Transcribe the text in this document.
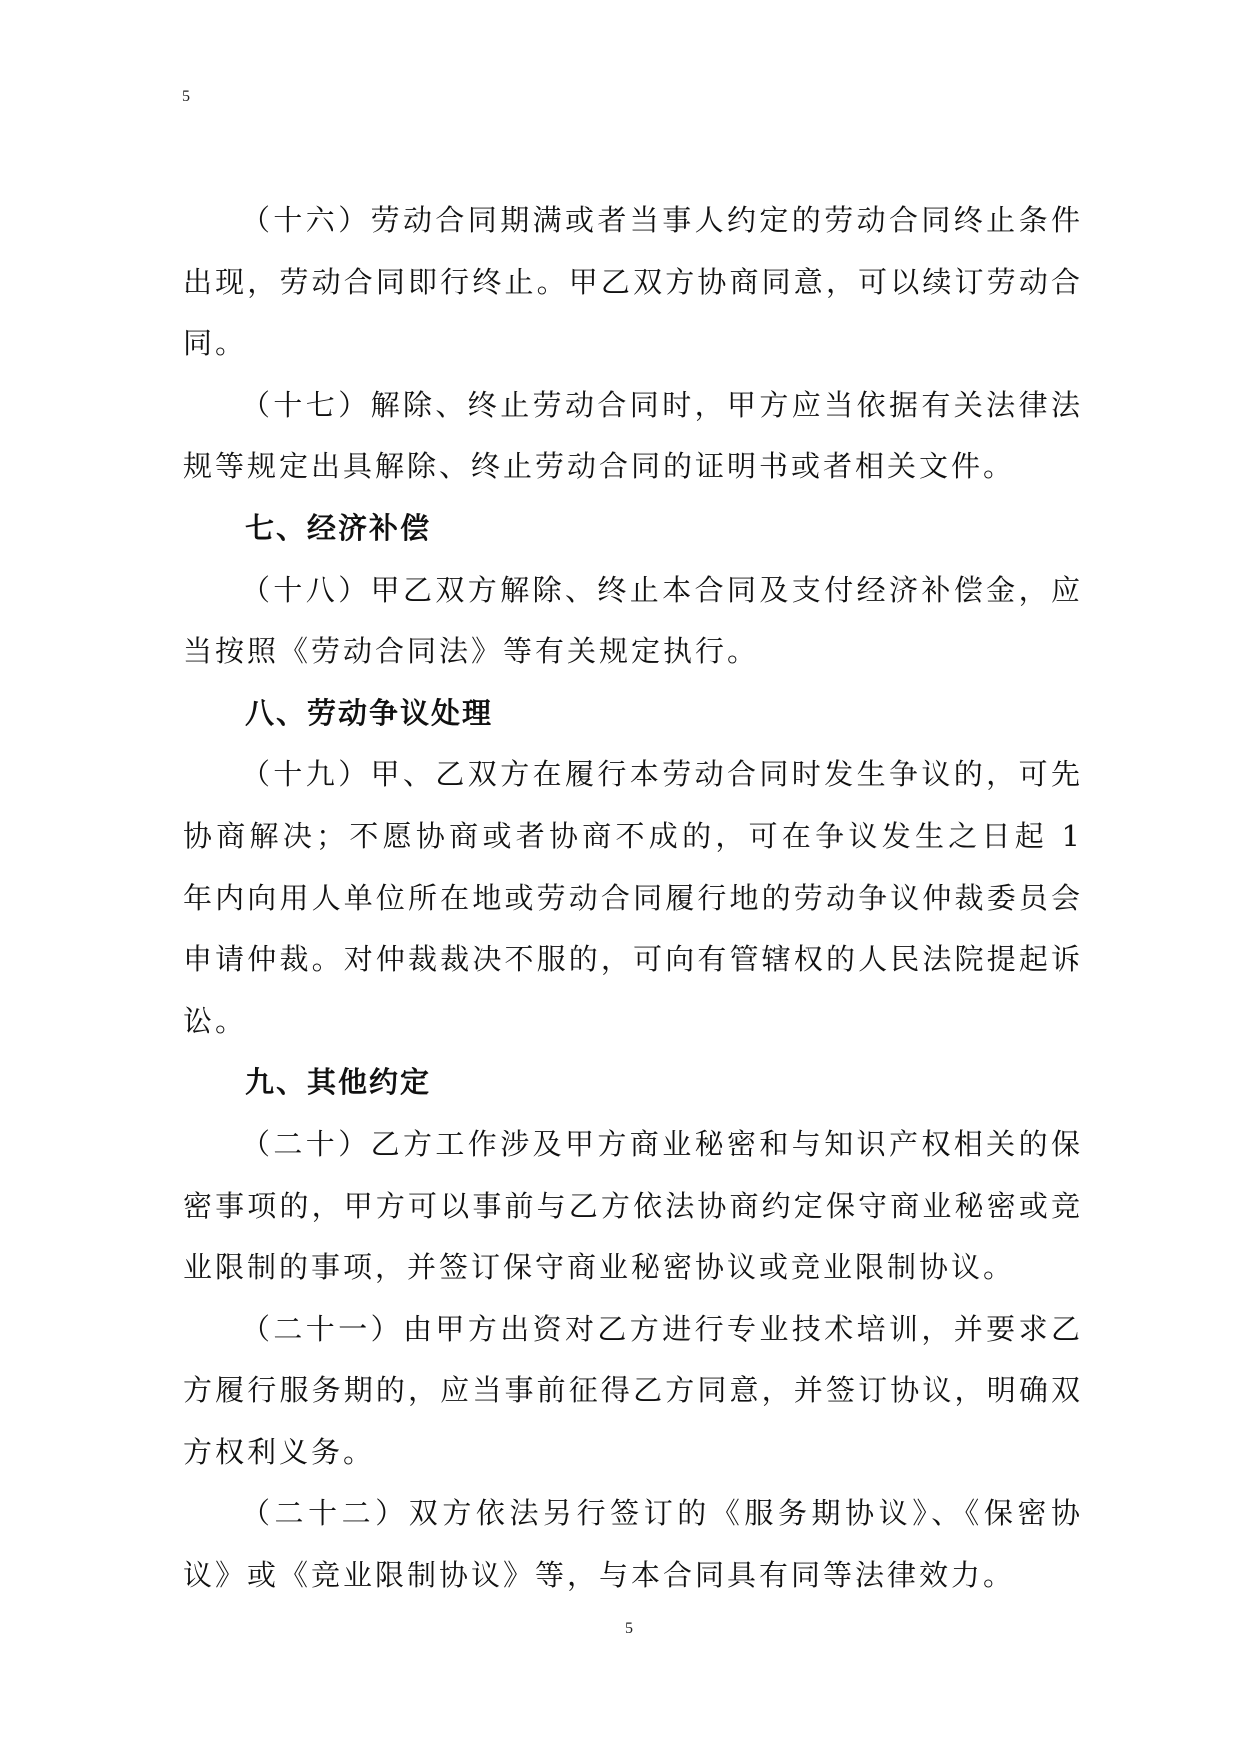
5

（十六）劳动合同期满或者当事人约定的劳动合同终止条件出现，劳动合同即行终止。甲乙双方协商同意，可以续订劳动合同。

（十七）解除、终止劳动合同时，甲方应当依据有关法律法规等规定出具解除、终止劳动合同的证明书或者相关文件。

七、经济补偿

（十八）甲乙双方解除、终止本合同及支付经济补偿金，应当按照《劳动合同法》等有关规定执行。

八、劳动争议处理

（十九）甲、乙双方在履行本劳动合同时发生争议的，可先协商解决；不愿协商或者协商不成的，可在争议发生之日起 1 年内向用人单位所在地或劳动合同履行地的劳动争议仲裁委员会申请仲裁。对仲裁裁决不服的，可向有管辖权的人民法院提起诉讼。

九、其他约定

（二十）乙方工作涉及甲方商业秘密和与知识产权相关的保密事项的，甲方可以事前与乙方依法协商约定保守商业秘密或竞业限制的事项，并签订保守商业秘密协议或竞业限制协议。

（二十一）由甲方出资对乙方进行专业技术培训，并要求乙方履行服务期的，应当事前征得乙方同意，并签订协议，明确双方权利义务。

（二十二）双方依法另行签订的《服务期协议》、《保密协议》或《竞业限制协议》等，与本合同具有同等法律效力。

5
